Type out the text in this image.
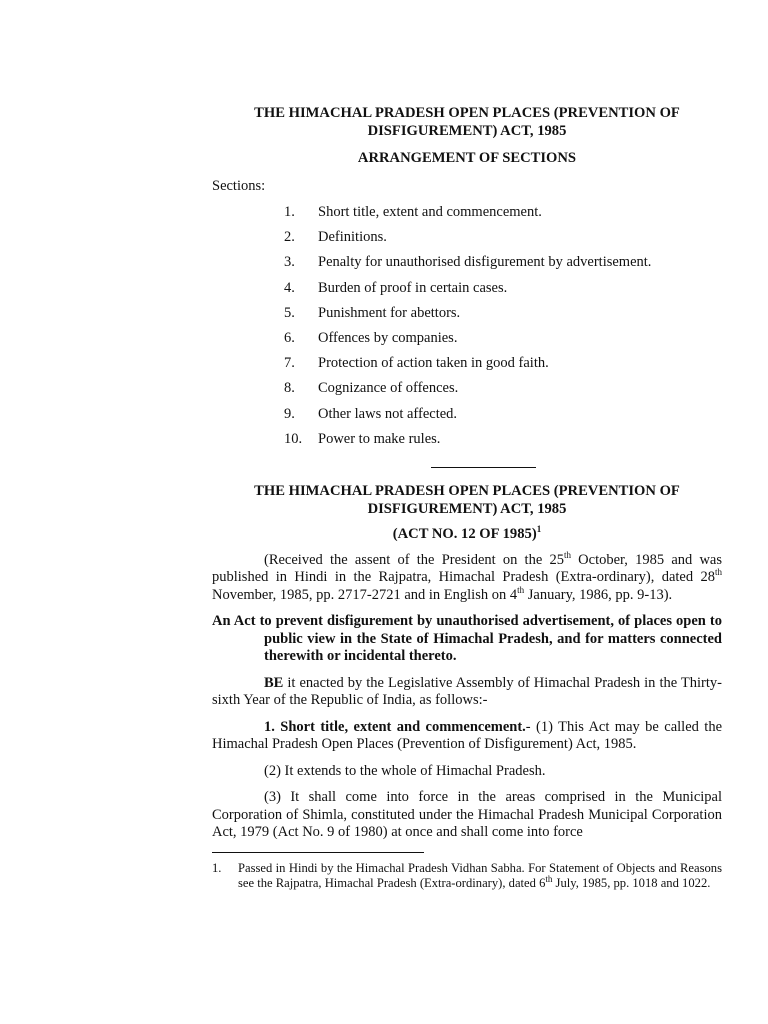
THE HIMACHAL PRADESH OPEN PLACES (PREVENTION OF DISFIGUREMENT) ACT, 1985
ARRANGEMENT OF SECTIONS
Sections:
1.	Short title, extent and commencement.
2.	Definitions.
3.	Penalty for unauthorised disfigurement by advertisement.
4.	Burden of proof in certain cases.
5.	Punishment for abettors.
6.	Offences by companies.
7.	Protection of action taken in good faith.
8.	Cognizance of offences.
9.	Other laws not affected.
10.	Power to make rules.
THE HIMACHAL PRADESH OPEN PLACES (PREVENTION OF DISFIGUREMENT) ACT, 1985
(ACT NO. 12 OF 1985)$^1$

(Received the assent of the President on the 25th October, 1985 and was published in Hindi in the Rajpatra, Himachal Pradesh (Extra-ordinary), dated 28th November, 1985, pp. 2717-2721 and in English on 4th January, 1986, pp. 9-13).

An Act to prevent disfigurement by unauthorised advertisement, of places open to public view in the State of Himachal Pradesh, and for matters connected therewith or incidental thereto.

BE it enacted by the Legislative Assembly of Himachal Pradesh in the Thirty-sixth Year of the Republic of India, as follows:-

1. Short title, extent and commencement.- (1) This Act may be called the Himachal Pradesh Open Places (Prevention of Disfigurement) Act, 1985.

(2) It extends to the whole of Himachal Pradesh.

(3) It shall come into force in the areas comprised in the Municipal Corporation of Shimla, constituted under the Himachal Pradesh Municipal Corporation Act, 1979 (Act No. 9 of 1980) at once and shall come into force

1.	Passed in Hindi by the Himachal Pradesh Vidhan Sabha. For Statement of Objects and Reasons see the Rajpatra, Himachal Pradesh (Extra-ordinary), dated 6th July, 1985, pp. 1018 and 1022.
